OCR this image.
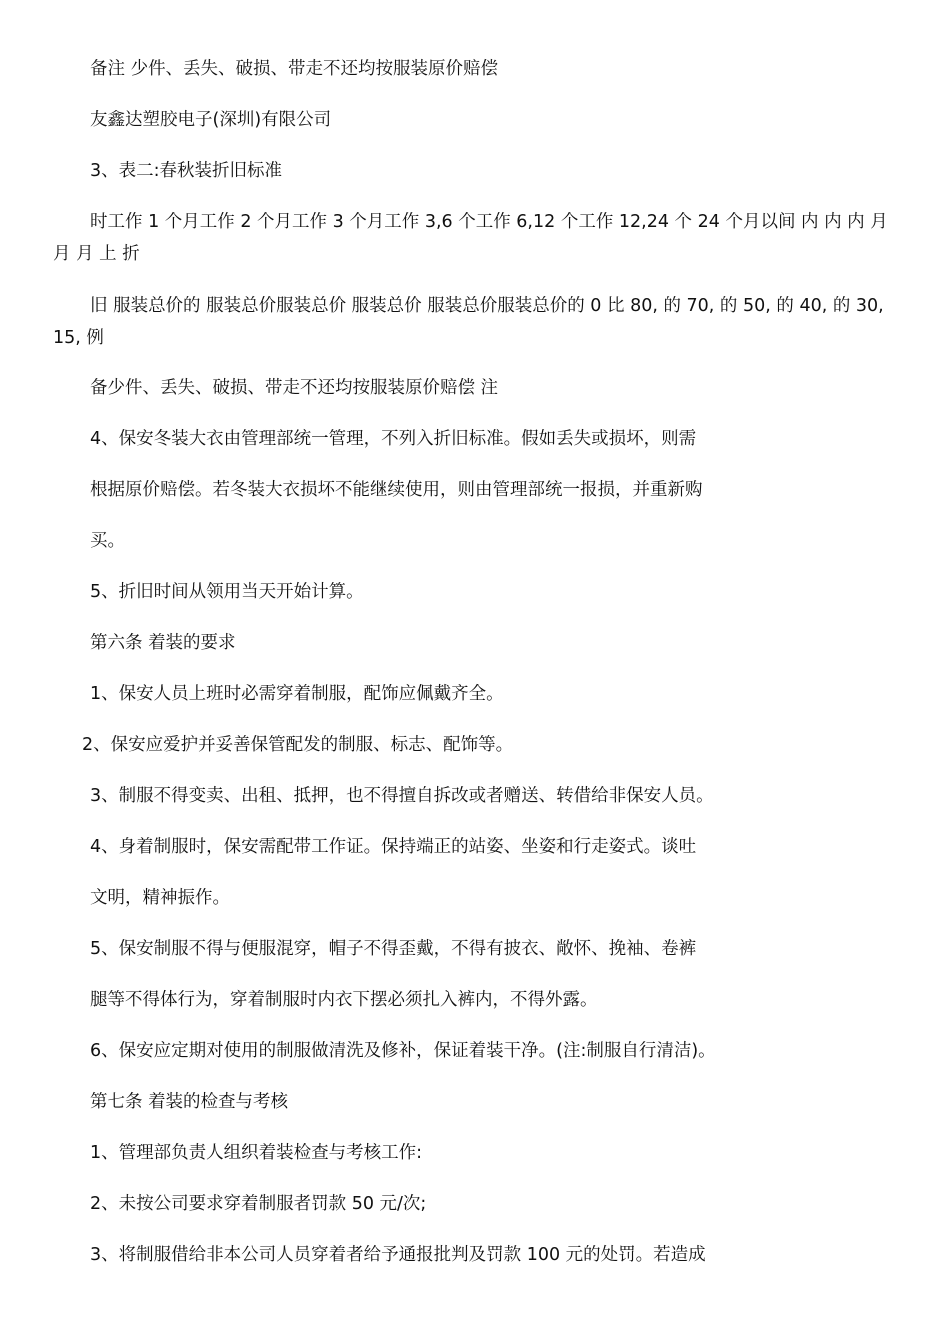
备注 少件、丢失、破损、带走不还均按服装原价赔偿

友鑫达塑胶电子(深圳)有限公司

3、表二:春秋装折旧标准

时工作 1 个月工作 2 个月工作 3 个月工作 3,6 个工作 6,12 个工作 12,24 个 24 个月以间 内 内 内 月 月 月 上 折

旧 服装总价的 服装总价服装总价 服装总价 服装总价服装总价的 0 比 80, 的 70, 的 50, 的 40, 的 30, 15, 例

备少件、丢失、破损、带走不还均按服装原价赔偿 注

4、保安冬装大衣由管理部统一管理，不列入折旧标准。假如丢失或损坏，则需

根据原价赔偿。若冬装大衣损坏不能继续使用，则由管理部统一报损，并重新购

买。

5、折旧时间从领用当天开始计算。

第六条 着装的要求

1、保安人员上班时必需穿着制服，配饰应佩戴齐全。

2、保安应爱护并妥善保管配发的制服、标志、配饰等。

3、制服不得变卖、出租、抵押，也不得擅自拆改或者赠送、转借给非保安人员。

4、身着制服时，保安需配带工作证。保持端正的站姿、坐姿和行走姿式。谈吐

文明，精神振作。

5、保安制服不得与便服混穿，帽子不得歪戴，不得有披衣、敞怀、挽袖、卷裤

腿等不得体行为，穿着制服时内衣下摆必须扎入裤内，不得外露。

6、保安应定期对使用的制服做清洗及修补，保证着装干净。(注:制服自行清洁)。

第七条 着装的检查与考核

1、管理部负责人组织着装检查与考核工作:

2、未按公司要求穿着制服者罚款 50 元/次;

3、将制服借给非本公司人员穿着者给予通报批判及罚款 100 元的处罚。若造成
